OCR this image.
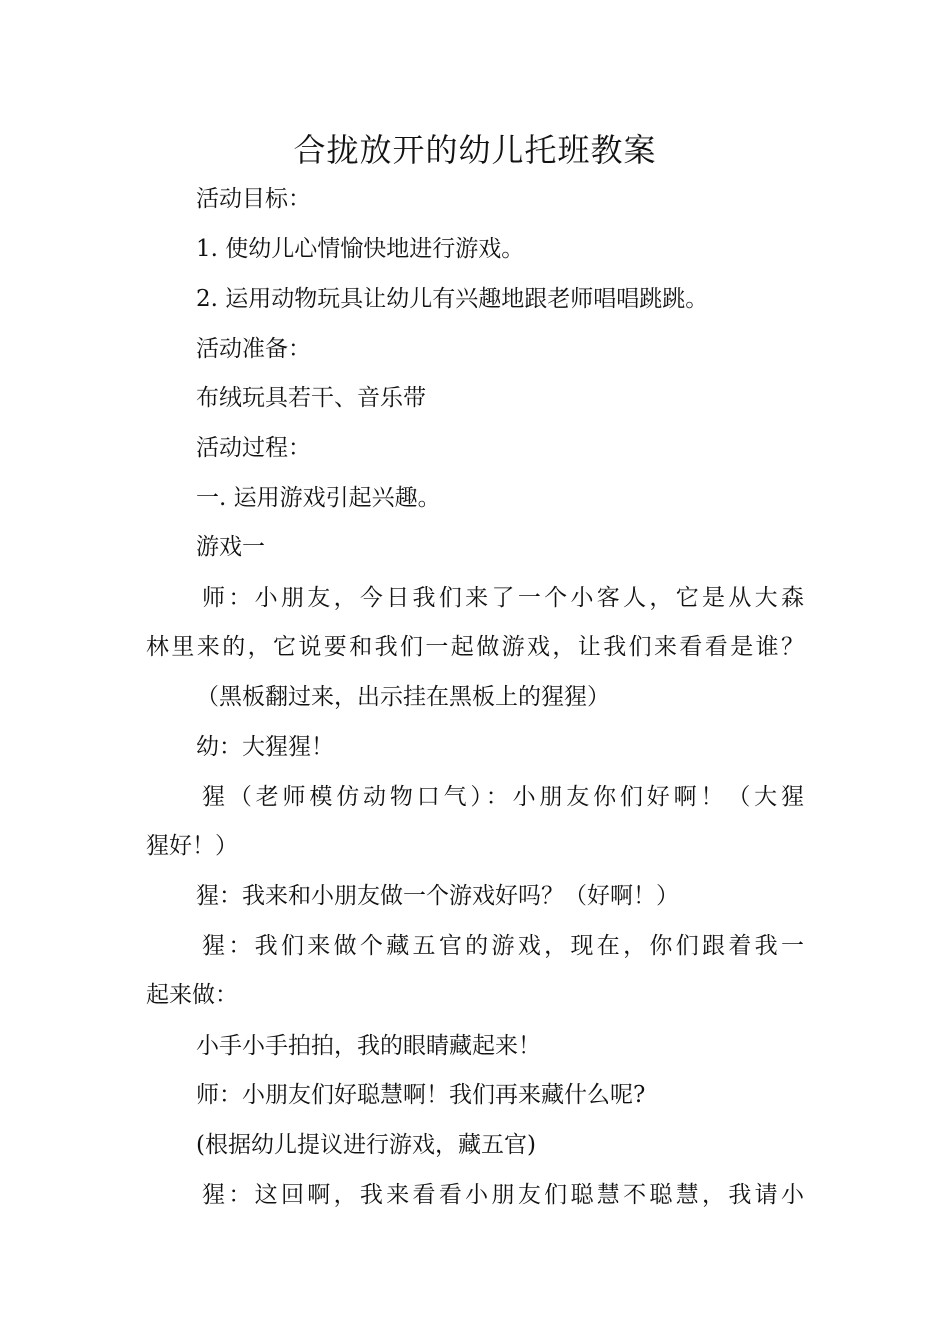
合拢放开的幼儿托班教案
活动目标：
1. 使幼儿心情愉快地进行游戏。
2. 运用动物玩具让幼儿有兴趣地跟老师唱唱跳跳。
活动准备：
布绒玩具若干、音乐带
活动过程：
一. 运用游戏引起兴趣。
游戏一
师：小朋友，今日我们来了一个小客人，它是从大森
林里来的，它说要和我们一起做游戏，让我们来看看是谁？
（黑板翻过来，出示挂在黑板上的猩猩）
幼：大猩猩！
猩（老师模仿动物口气）：小朋友你们好啊！（大猩
猩好！）
猩：我来和小朋友做一个游戏好吗？（好啊！）
猩：我们来做个藏五官的游戏，现在，你们跟着我一
起来做：
小手小手拍拍，我的眼睛藏起来！
师：小朋友们好聪慧啊！我们再来藏什么呢?
(根据幼儿提议进行游戏，藏五官)
猩：这回啊，我来看看小朋友们聪慧不聪慧，我请小
